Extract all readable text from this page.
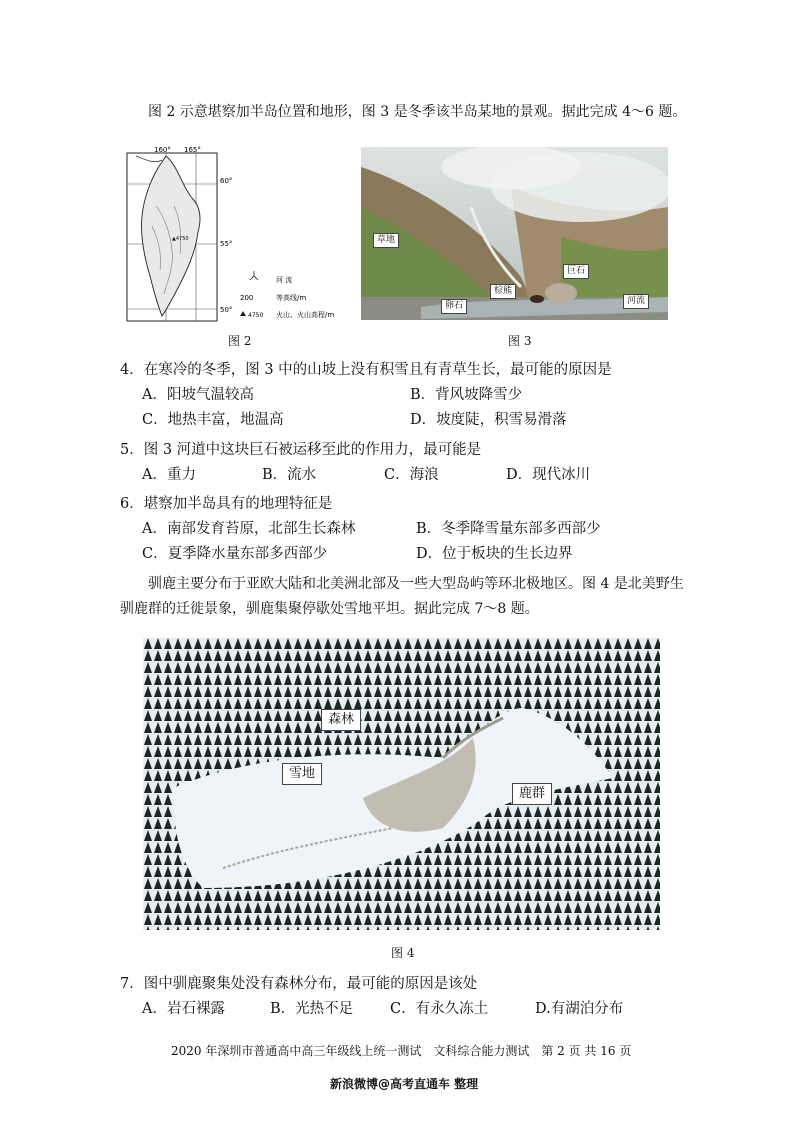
图 2 示意堪察加半岛位置和地形，图 3 是冬季该半岛某地的景观。据此完成 4～6 题。
▲4750
160° 165°
60°
55°
50°
河 流
200	等高线/m
4750 火山、火山高程/m
图 2
草地
巨石
棕熊
卵石	河流
图 3
4．在寒冷的冬季，图 3 中的山坡上没有积雪且有青草生长，最可能的原因是
A．阳坡气温较高	B．背风坡降雪少
C．地热丰富，地温高	D．坡度陡，积雪易滑落
5．图 3 河道中这块巨石被运移至此的作用力，最可能是
A．重力	B．流水	C．海浪	D．现代冰川
6．堪察加半岛具有的地理特征是
A．南部发育苔原，北部生长森林	B．冬季降雪量东部多西部少
C．夏季降水量东部多西部少	D．位于板块的生长边界
驯鹿主要分布于亚欧大陆和北美洲北部及一些大型岛屿等环北极地区。图 4 是北美野生
驯鹿群的迁徙景象，驯鹿集聚停歇处雪地平坦。据此完成 7～8 题。
森林
雪地
鹿群
图 4
7．图中驯鹿聚集处没有森林分布，最可能的原因是该处
A．岩石裸露	B．光热不足	C．有永久冻土	D.有湖泊分布
2020 年深圳市普通高中高三年级线上统一测试　文科综合能力测试　第 2 页 共 16 页
新浪微博@高考直通车 整理
